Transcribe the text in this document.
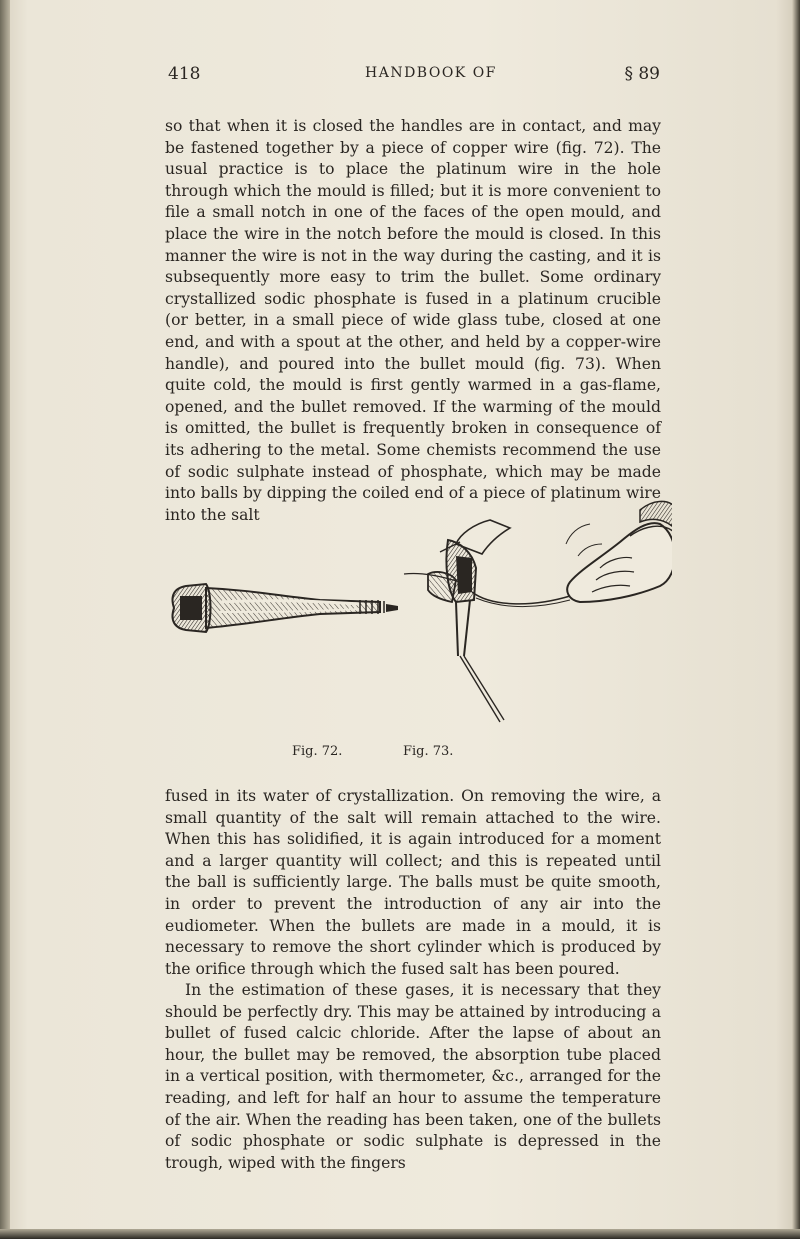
418	HANDBOOK OF	§ 89

so that when it is closed the handles are in contact, and may be fastened together by a piece of copper wire (fig. 72). The usual practice is to place the platinum wire in the hole through which the mould is filled; but it is more convenient to file a small notch in one of the faces of the open mould, and place the wire in the notch before the mould is closed. In this manner the wire is not in the way during the casting, and it is subsequently more easy to trim the bullet. Some ordinary crystallized sodic phosphate is fused in a platinum crucible (or better, in a small piece of wide glass tube, closed at one end, and with a spout at the other, and held by a copper-wire handle), and poured into the bullet mould (fig. 73). When quite cold, the mould is first gently warmed in a gas-flame, opened, and the bullet removed. If the warming of the mould is omitted, the bullet is frequently broken in consequence of its adhering to the metal. Some chemists recommend the use of sodic sulphate instead of phosphate, which may be made into balls by dipping the coiled end of a piece of platinum wire into the salt

Fig. 72.	Fig. 73.

fused in its water of crystallization. On removing the wire, a small quantity of the salt will remain attached to the wire. When this has solidified, it is again introduced for a moment and a larger quantity will collect; and this is repeated until the ball is sufficiently large. The balls must be quite smooth, in order to prevent the introduction of any air into the eudiometer. When the bullets are made in a mould, it is necessary to remove the short cylinder which is produced by the orifice through which the fused salt has been poured.

In the estimation of these gases, it is necessary that they should be perfectly dry. This may be attained by introducing a bullet of fused calcic chloride. After the lapse of about an hour, the bullet may be removed, the absorption tube placed in a vertical position, with thermometer, &c., arranged for the reading, and left for half an hour to assume the temperature of the air. When the reading has been taken, one of the bullets of sodic phosphate or sodic sulphate is depressed in the trough, wiped with the fingers
